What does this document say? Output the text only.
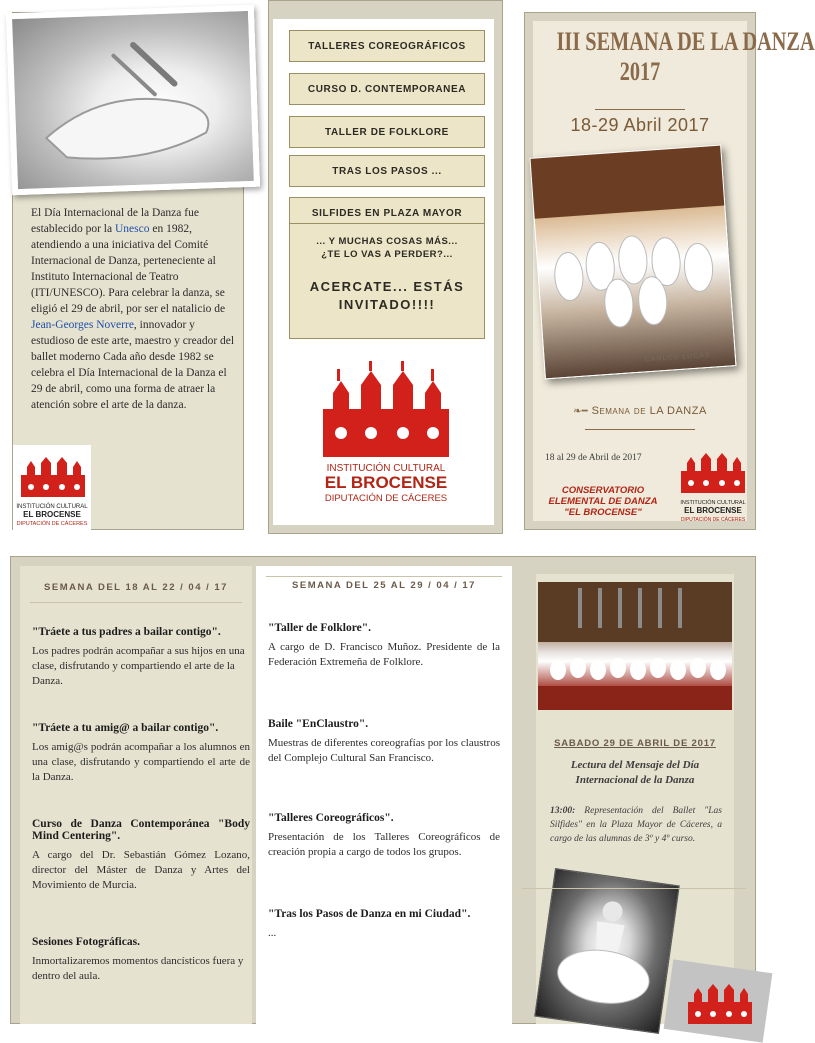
El Día Internacional de la Danza fue establecido por la Unesco en 1982, atendiendo a una iniciativa del Comité Internacional de Danza, perteneciente al Instituto Internacional de Teatro (ITI/UNESCO). Para celebrar la danza, se eligió el 29 de abril, por ser el natalicio de Jean-Georges Noverre, innovador y estudioso de este arte, maestro y creador del ballet moderno Cada año desde 1982 se celebra el Día Internacional de la Danza el 29 de abril, como una forma de atraer la atención sobre el arte de la danza.
INSTITUCIÓN CULTURAL
EL BROCENSE
DIPUTACIÓN DE CÁCERES
TALLERES COREOGRÁFICOS
CURSO D. CONTEMPORANEA
TALLER DE FOLKLORE
TRAS LOS PASOS ...
SILFIDES EN PLAZA MAYOR
... Y MUCHAS COSAS MÁS...
¿TE LO VAS A PERDER?...
ACERCATE... ESTÁS INVITADO!!!!
INSTITUCIÓN CULTURAL
EL BROCENSE
DIPUTACIÓN DE CÁCERES
III SEMANA DE LA DANZA
2017
18-29 Abril 2017
CARLOS LUCAS
❧━ Semana de LA DANZA
18 al 29 de Abril de 2017
CONSERVATORIO
ELEMENTAL DE DANZA
"EL BROCENSE"
INSTITUCIÓN CULTURAL
EL BROCENSE
DIPUTACIÓN DE CÁCERES
SEMANA DEL 18 AL 22 / 04 / 17
"Tráete a tus padres a bailar contigo".
Los padres podrán acompañar a sus hijos en una clase, disfrutando y compartiendo el arte de la Danza.
"Tráete a tu amig@ a bailar contigo".
Los amig@s podrán acompañar a los alumnos en una clase, disfrutando y compartiendo el arte de la Danza.
Curso de Danza Contemporánea "Body Mind Centering".
A cargo del Dr. Sebastián Gómez Lozano, director del Máster de Danza y Artes del Movimiento de Murcia.
Sesiones Fotográficas.
Inmortalizaremos momentos dancísticos fuera y dentro del aula.
SEMANA DEL 25 AL 29 / 04 / 17
"Taller de Folklore".
A cargo de D. Francisco Muñoz. Presidente de la Federación Extremeña de Folklore.
Baile "EnClaustro".
Muestras de diferentes coreografías por los claustros del Complejo Cultural San Francisco.
"Talleres Coreográficos".
Presentación de los Talleres Coreográficos de creación propia a cargo de todos los grupos.
"Tras los Pasos de Danza en mi Ciudad".
...
SABADO 29 DE ABRIL DE 2017
Lectura del Mensaje del Día Internacional de la Danza
13:00: Representación del Ballet "Las Silfides" en la Plaza Mayor de Cáceres, a cargo de las alumnas de 3º y 4º curso.
